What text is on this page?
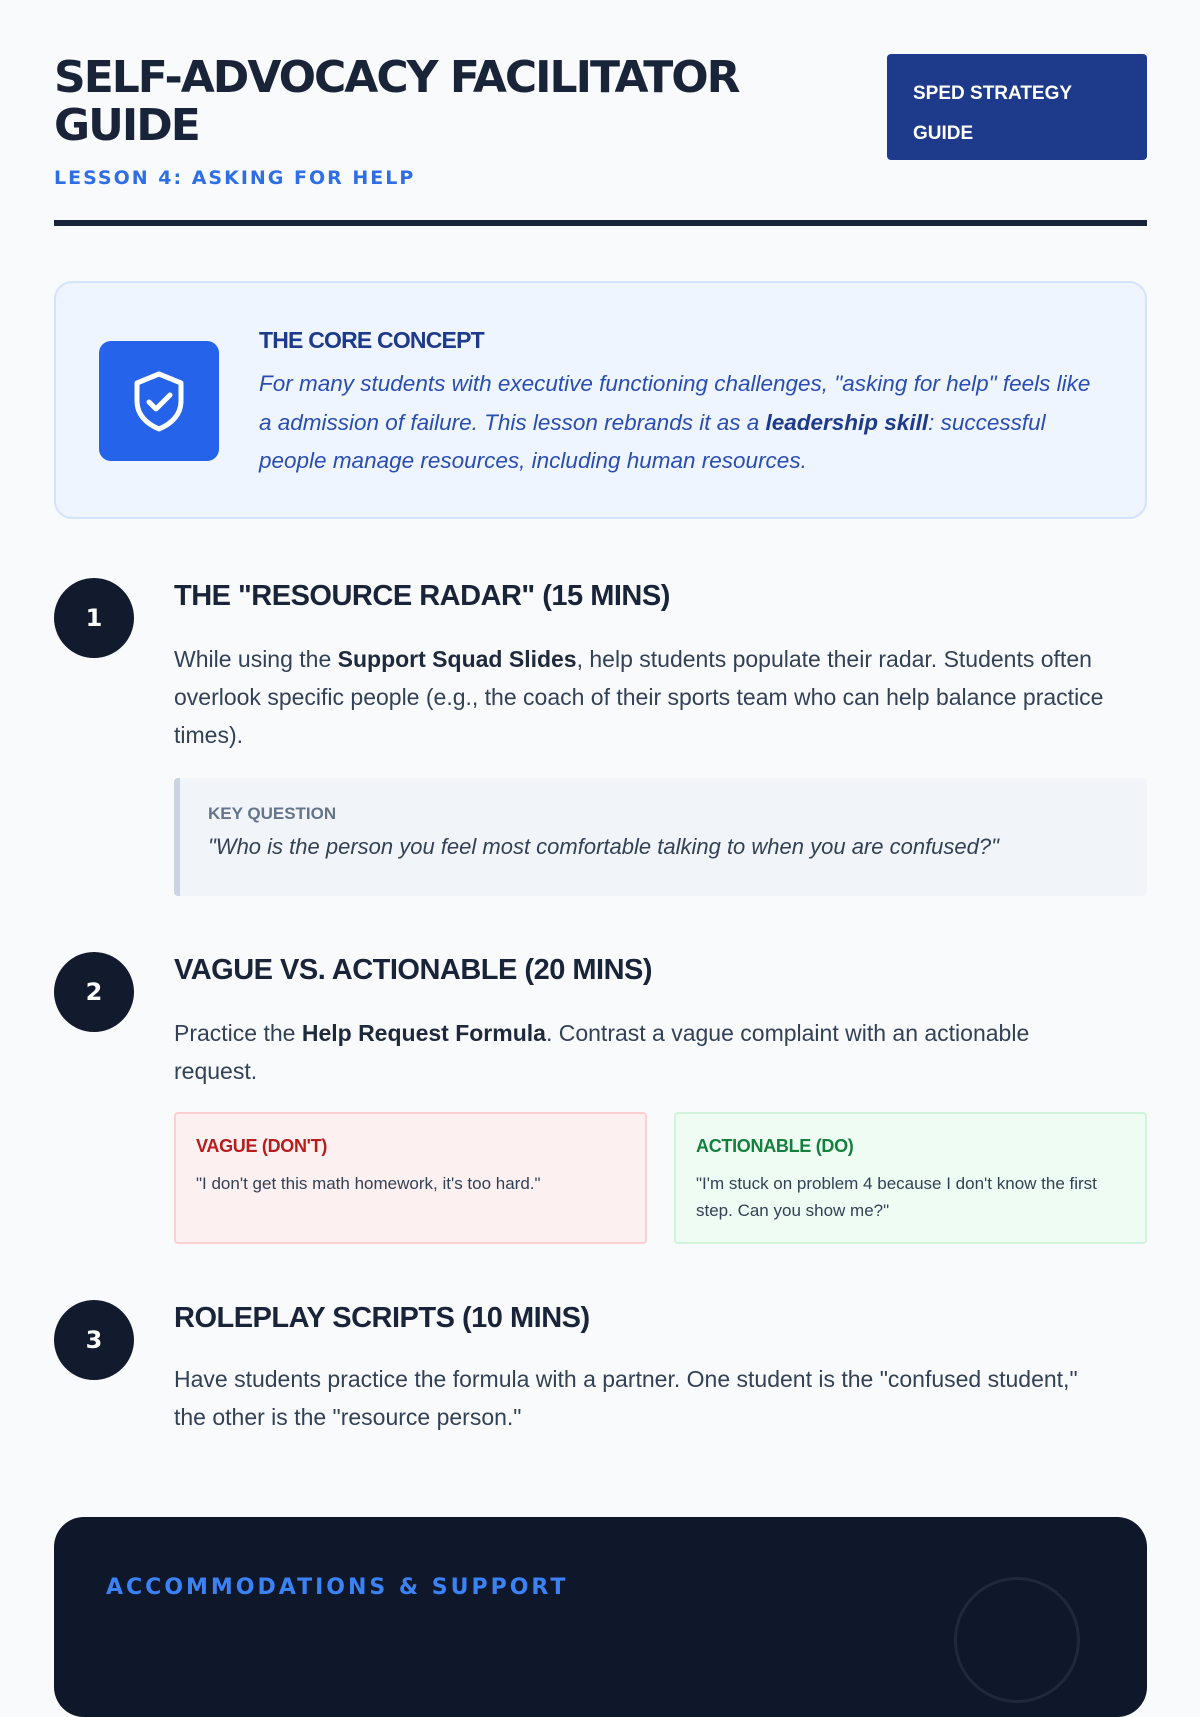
SELF-ADVOCACY FACILITATOR GUIDE

LESSON 4: ASKING FOR HELP

SPED STRATEGY
GUIDE
THE CORE CONCEPT

For many students with executive functioning challenges, "asking for help" feels like a admission of failure. This lesson rebrands it as a leadership skill: successful people manage resources, including human resources.

1
THE "RESOURCE RADAR" (15 MINS)

While using the Support Squad Slides, help students populate their radar. Students often overlook specific people (e.g., the coach of their sports team who can help balance practice times).

KEY QUESTION

"Who is the person you feel most comfortable talking to when you are confused?"

2
VAGUE VS. ACTIONABLE (20 MINS)

Practice the Help Request Formula. Contrast a vague complaint with an actionable request.

VAGUE (DON'T)

"I don't get this math homework, it's too hard."

ACTIONABLE (DO)

"I'm stuck on problem 4 because I don't know the first step. Can you show me?"

3
ROLEPLAY SCRIPTS (10 MINS)

Have students practice the formula with a partner. One student is the "confused student," the other is the "resource person."

ACCOMMODATIONS & SUPPORT
